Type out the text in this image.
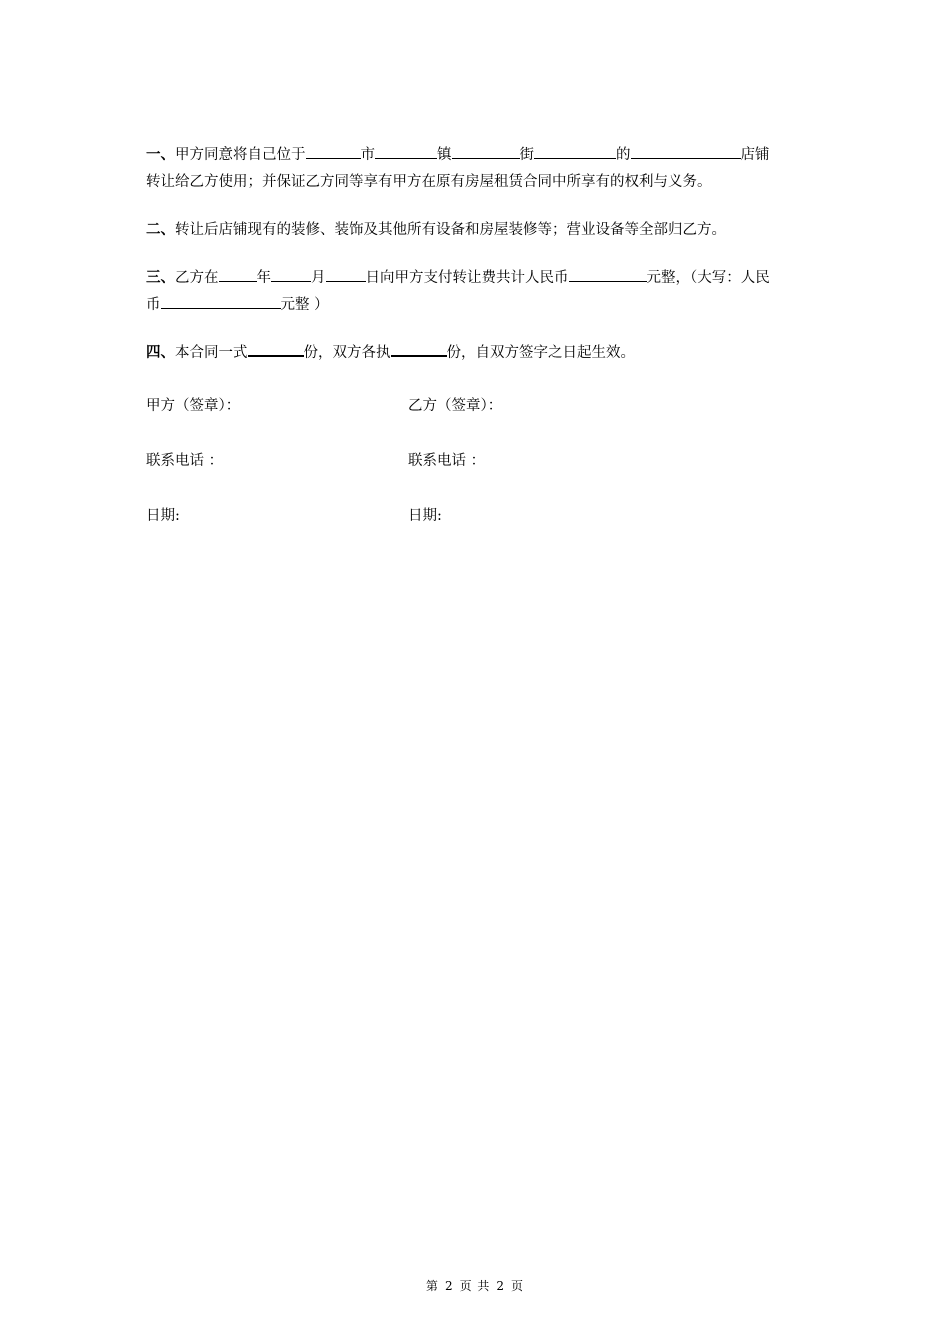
一、甲方同意将自己位于	市	镇	街	的	店铺
转让给乙方使用；并保证乙方同等享有甲方在原有房屋租赁合同中所享有的权利与义务。

二、转让后店铺现有的装修、装饰及其他所有设备和房屋装修等；营业设备等全部归乙方。

三、乙方在	年	月	日向甲方支付转让费共计人民币	元整，（大写：人民
币	元整 ）

四、本合同一式	份，双方各执	份，自双方签字之日起生效。

甲方（签章）：	乙方（签章）：
联系电话 ：	联系电话 ：
日期:	日期:
第 2 页 共 2 页
